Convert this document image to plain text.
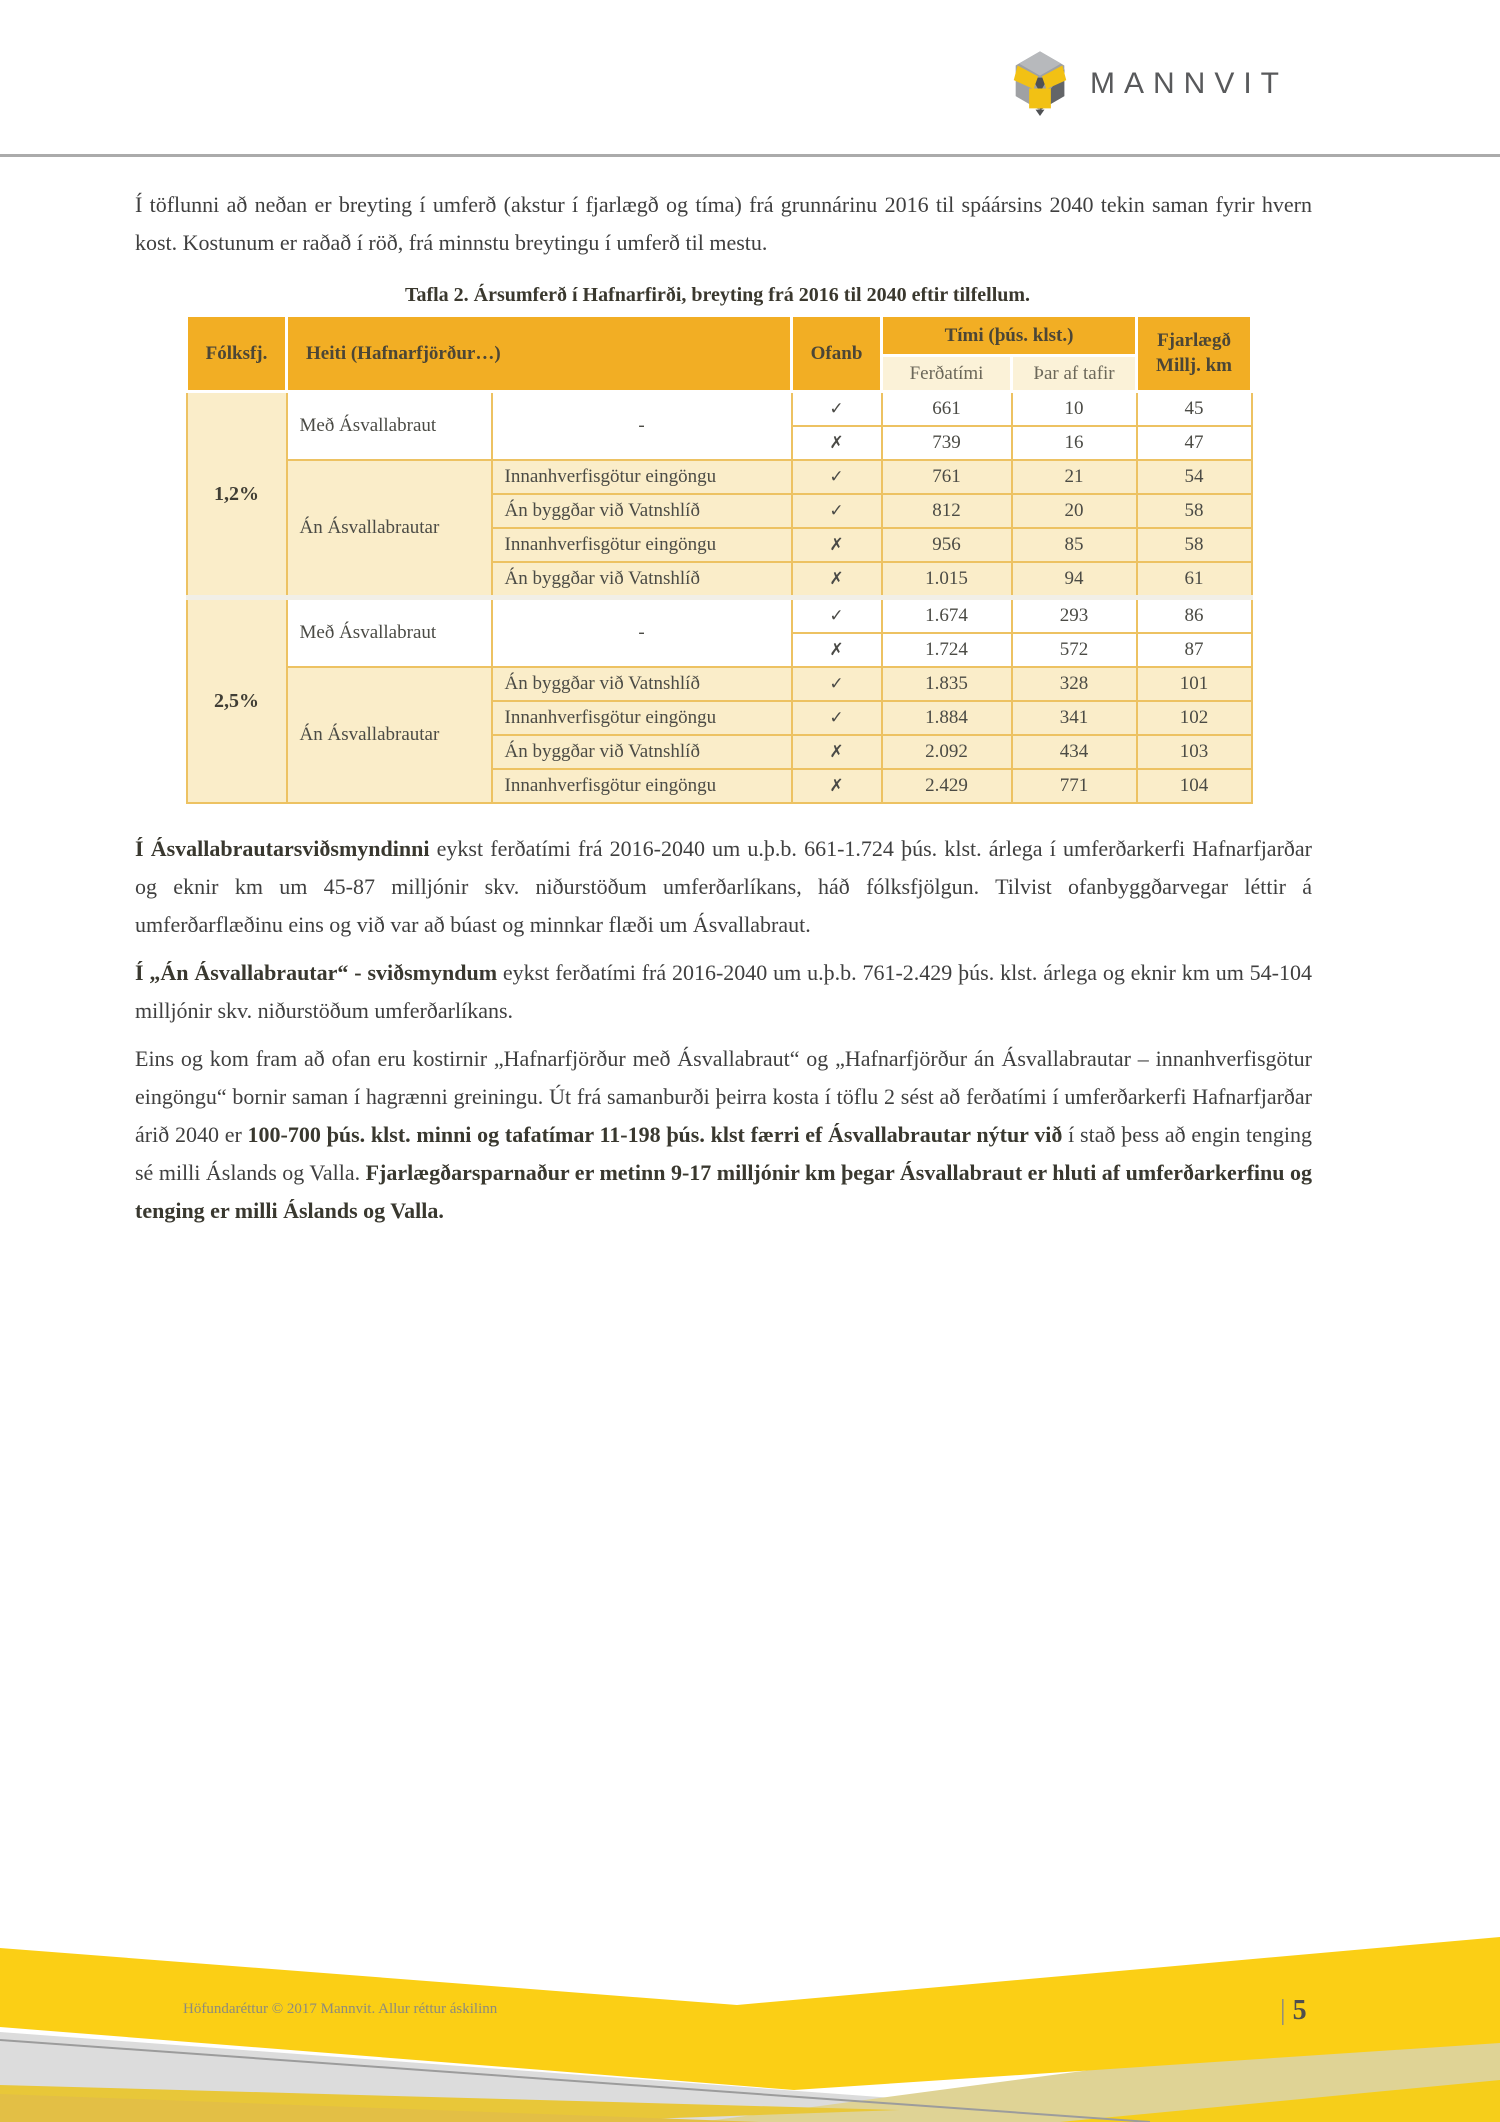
MANNVIT

Í töflunni að neðan er breyting í umferð (akstur í fjarlægð og tíma) frá grunnárinu 2016 til spáársins 2040 tekin saman fyrir hvern kost. Kostunum er raðað í röð, frá minnstu breytingu í umferð til mestu.

Tafla 2. Ársumferð í Hafnarfirði, breyting frá 2016 til 2040 eftir tilfellum.
Fólksfj.	Heiti (Hafnarfjörður…)		Ofanb	Tími (þús. klst.)		Fjarlægð
Millj. km

				Ferðatími	Þar af tafir	
1,2%	Með Ásvallabraut	-	✓	661	10	45
			✗	739	16	47
	Án Ásvallabrautar	Innanhverfisgötur eingöngu	✓	761	21	54
		Án byggðar við Vatnshlíð	✓	812	20	58
		Innanhverfisgötur eingöngu	✗	956	85	58
		Án byggðar við Vatnshlíð	✗	1.015	94	61
2,5%	Með Ásvallabraut	-	✓	1.674	293	86
			✗	1.724	572	87
	Án Ásvallabrautar	Án byggðar við Vatnshlíð	✓	1.835	328	101
		Innanhverfisgötur eingöngu	✓	1.884	341	102
		Án byggðar við Vatnshlíð	✗	2.092	434	103
		Innanhverfisgötur eingöngu	✗	2.429	771	104

Í Ásvallabrautarsviðsmyndinni eykst ferðatími frá 2016-2040 um u.þ.b. 661-1.724 þús. klst. árlega í umferðarkerfi Hafnarfjarðar og eknir km um 45-87 milljónir skv. niðurstöðum umferðarlíkans, háð fólksfjölgun. Tilvist ofanbyggðarvegar léttir á umferðarflæðinu eins og við var að búast og minnkar flæði um Ásvallabraut.

Í „Án Ásvallabrautar“ - sviðsmyndum eykst ferðatími frá 2016-2040 um u.þ.b. 761-2.429 þús. klst. árlega og eknir km um 54-104 milljónir skv. niðurstöðum umferðarlíkans.

Eins og kom fram að ofan eru kostirnir „Hafnarfjörður með Ásvallabraut“ og „Hafnarfjörður án Ásvallabrautar – innanhverfisgötur eingöngu“ bornir saman í hagrænni greiningu. Út frá samanburði þeirra kosta í töflu 2 sést að ferðatími í umferðarkerfi Hafnarfjarðar árið 2040 er 100-700 þús. klst. minni og tafatímar 11-198 þús. klst færri ef Ásvallabrautar nýtur við í stað þess að engin tenging sé milli Áslands og Valla. Fjarlægðarsparnaður er metinn 9-17 milljónir km þegar Ásvallabraut er hluti af umferðarkerfinu og tenging er milli Áslands og Valla.

Höfundaréttur © 2017 Mannvit. Allur réttur áskilinn	| 5
